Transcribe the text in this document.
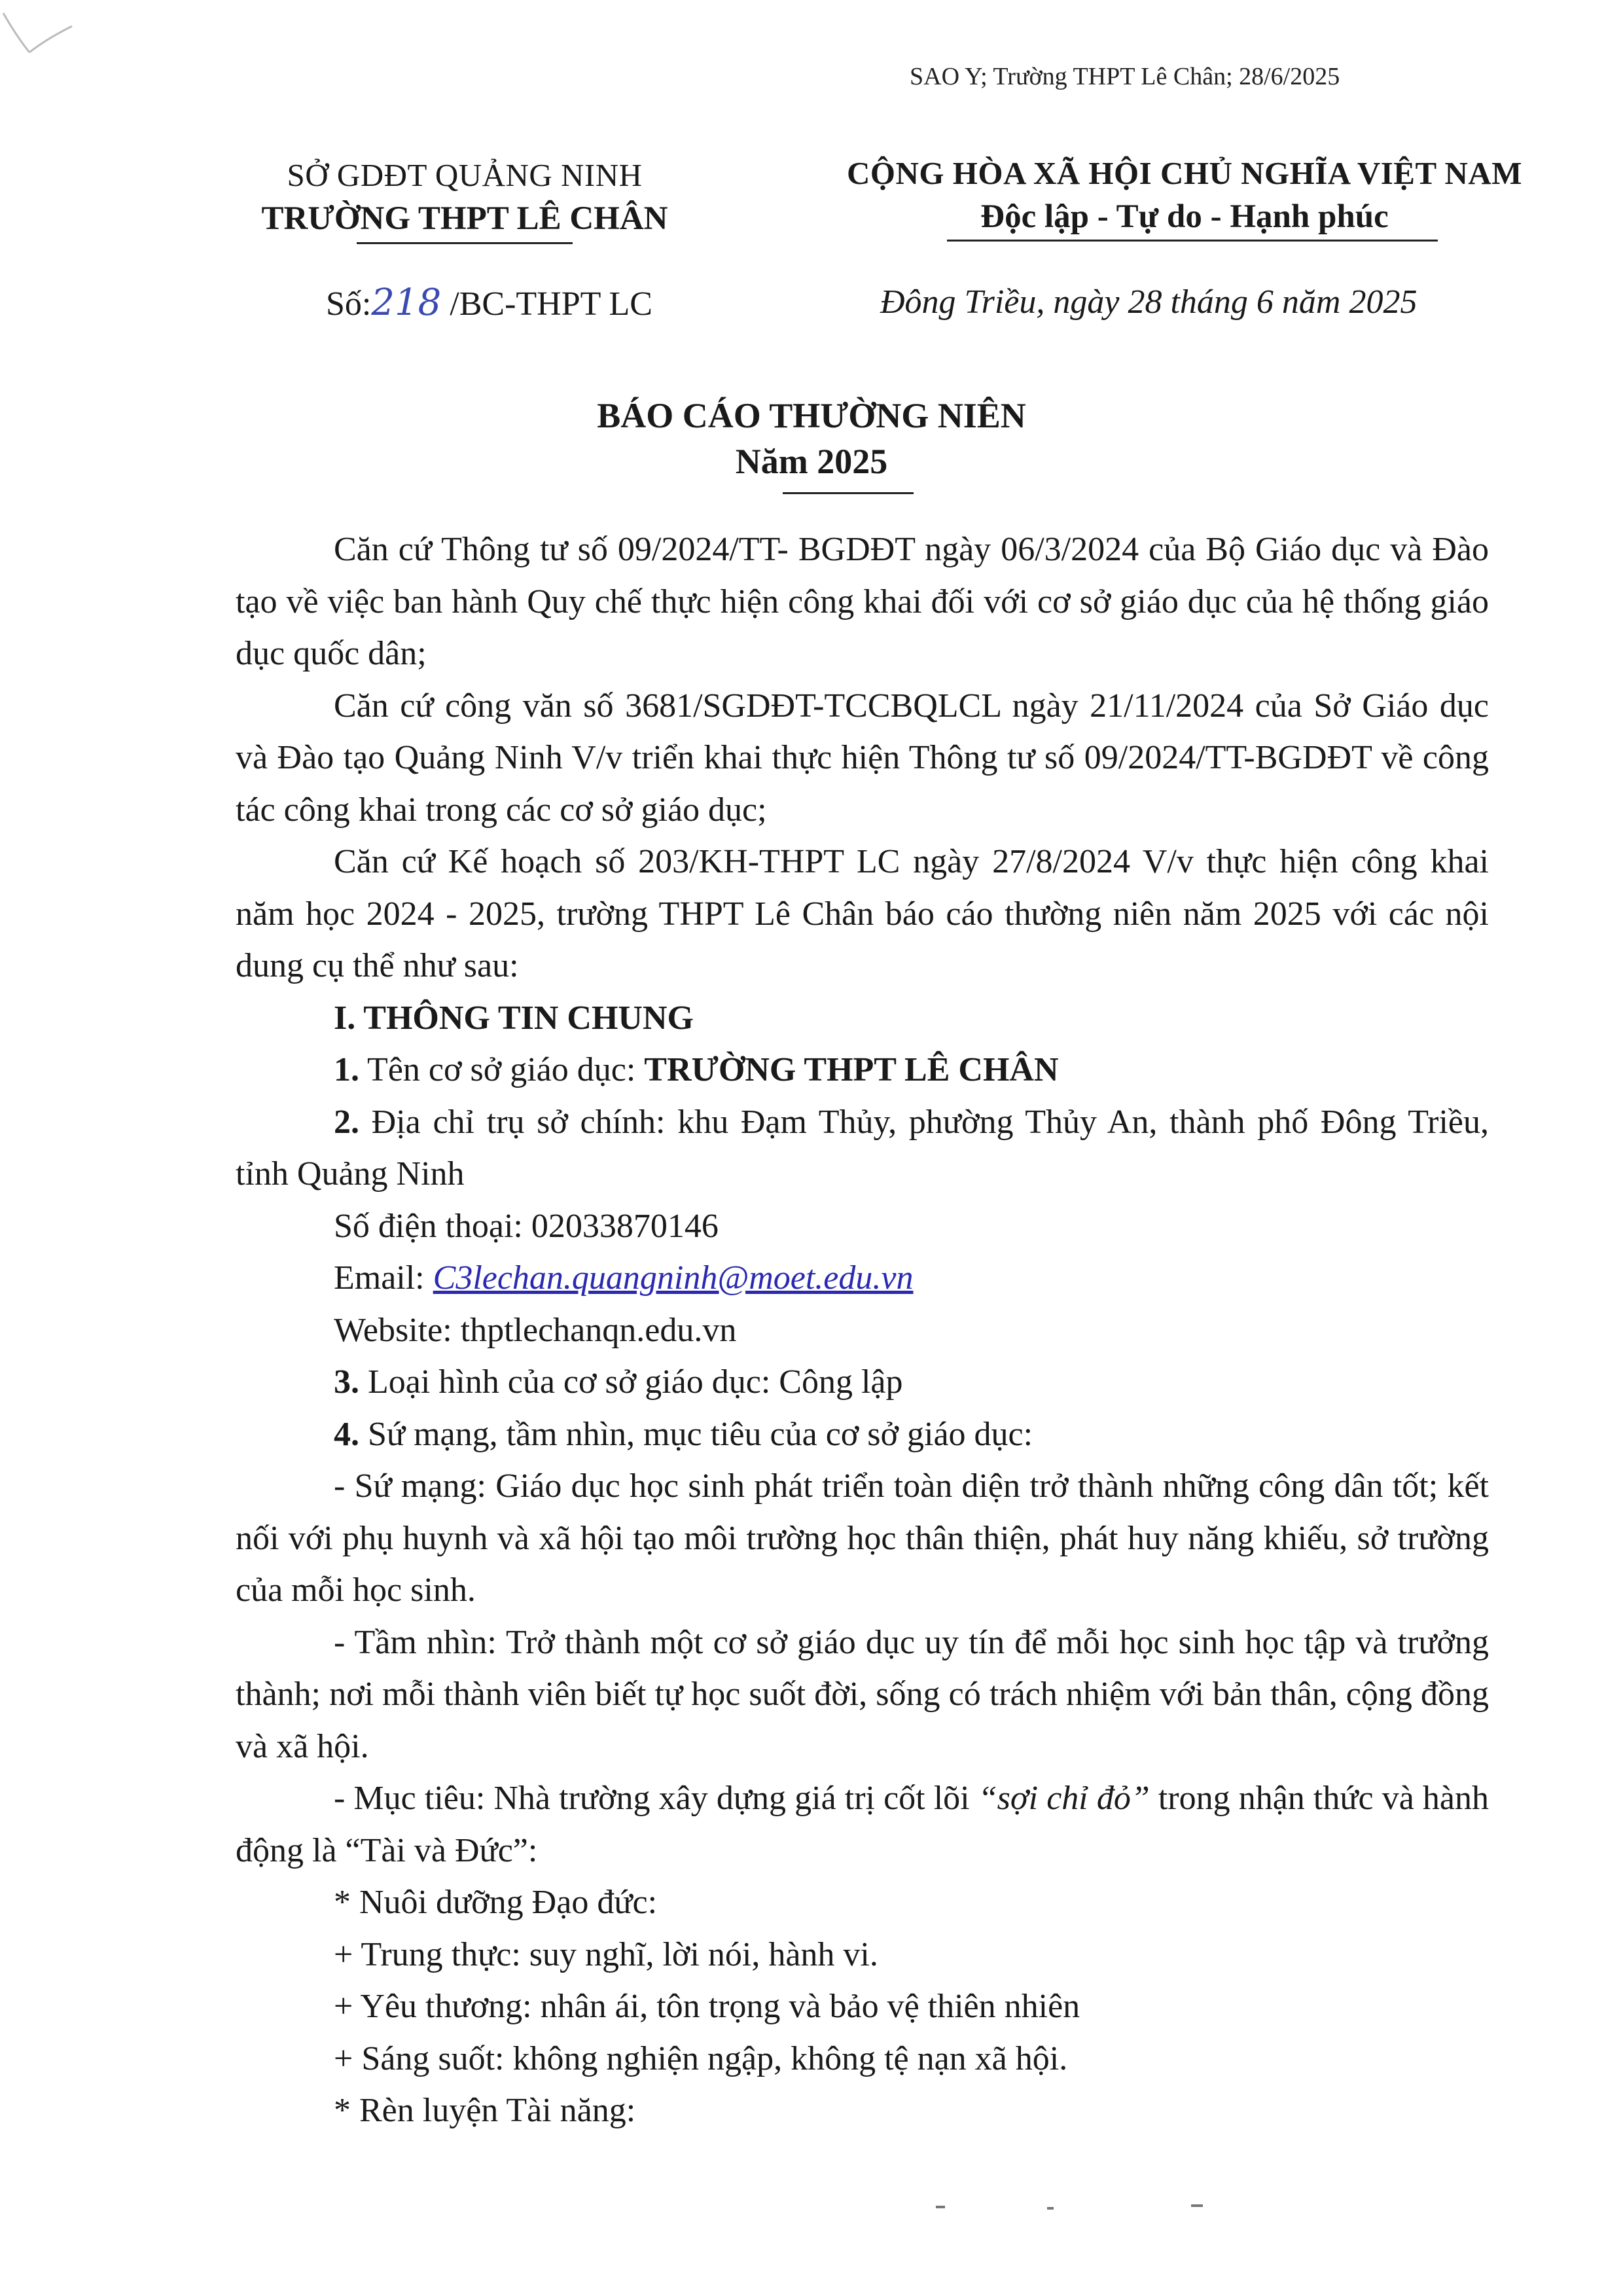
SAO Y; Trường THPT Lê Chân; 28/6/2025
SỞ GDĐT QUẢNG NINH
TRƯỜNG THPT LÊ CHÂN
CỘNG HÒA XÃ HỘI CHỦ NGHĨA VIỆT NAM
Độc lập - Tự do - Hạnh phúc
Số:218 /BC-THPT LC	Đông Triều, ngày 28 tháng 6 năm 2025
BÁO CÁO THƯỜNG NIÊN
Năm 2025

Căn cứ Thông tư số 09/2024/TT- BGDĐT ngày 06/3/2024 của Bộ Giáo dục và Đào tạo về việc ban hành Quy chế thực hiện công khai đối với cơ sở giáo dục của hệ thống giáo dục quốc dân;

Căn cứ công văn số 3681/SGDĐT-TCCBQLCL ngày 21/11/2024 của Sở Giáo dục và Đào tạo Quảng Ninh V/v triển khai thực hiện Thông tư số 09/2024/TT-BGDĐT về công tác công khai trong các cơ sở giáo dục;

Căn cứ Kế hoạch số 203/KH-THPT LC ngày 27/8/2024 V/v thực hiện công khai năm học 2024 - 2025, trường THPT Lê Chân báo cáo thường niên năm 2025 với các nội dung cụ thể như sau:

I. THÔNG TIN CHUNG

1. Tên cơ sở giáo dục: TRƯỜNG THPT LÊ CHÂN

2. Địa chỉ trụ sở chính: khu Đạm Thủy, phường Thủy An, thành phố Đông Triều, tỉnh Quảng Ninh

Số điện thoại: 02033870146

Email: C3lechan.quangninh@moet.edu.vn

Website: thptlechanqn.edu.vn

3. Loại hình của cơ sở giáo dục: Công lập

4. Sứ mạng, tầm nhìn, mục tiêu của cơ sở giáo dục:

- Sứ mạng: Giáo dục học sinh phát triển toàn diện trở thành những công dân tốt; kết nối với phụ huynh và xã hội tạo môi trường học thân thiện, phát huy năng khiếu, sở trường của mỗi học sinh.

- Tầm nhìn: Trở thành một cơ sở giáo dục uy tín để mỗi học sinh học tập và trưởng thành; nơi mỗi thành viên biết tự học suốt đời, sống có trách nhiệm với bản thân, cộng đồng và xã hội.

- Mục tiêu: Nhà trường xây dựng giá trị cốt lõi “sợi chỉ đỏ” trong nhận thức và hành động là “Tài và Đức”:

* Nuôi dưỡng Đạo đức:

+ Trung thực: suy nghĩ, lời nói, hành vi.

+ Yêu thương: nhân ái, tôn trọng và bảo vệ thiên nhiên

+ Sáng suốt: không nghiện ngập, không tệ nạn xã hội.

* Rèn luyện Tài năng:
